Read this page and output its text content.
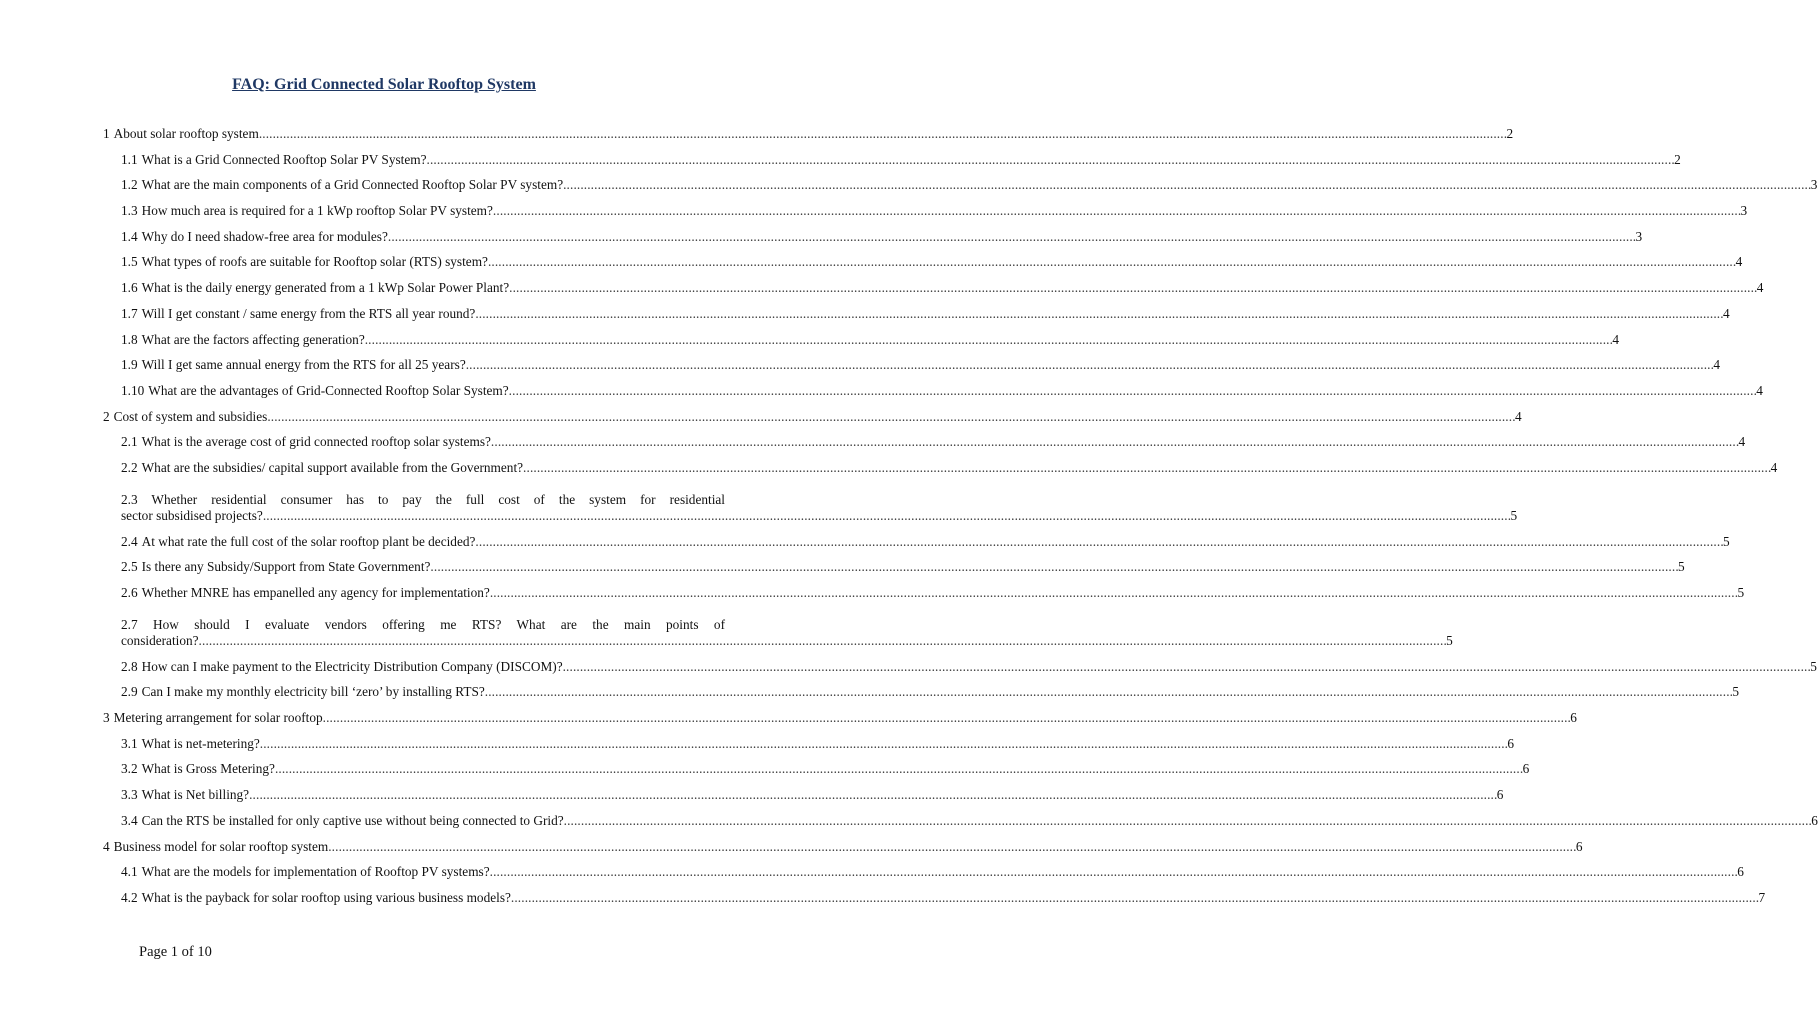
FAQ: Grid Connected Solar Rooftop System
1 About solar rooftop system . . .	2
1.1 What is a Grid Connected Rooftop Solar PV System? . . .	2
1.2 What are the main components of a Grid Connected Rooftop Solar PV system? . . .	3
1.3 How much area is required for a 1 kWp rooftop Solar PV system? . . .	3
1.4 Why do I need shadow-free area for modules? . . .	3
1.5 What types of roofs are suitable for Rooftop solar (RTS) system? . . .	4
1.6 What is the daily energy generated from a 1 kWp Solar Power Plant? . . .	4
1.7 Will I get constant / same energy from the RTS all year round? . . .	4
1.8 What are the factors affecting generation? . . .	4
1.9 Will I get same annual energy from the RTS for all 25 years? . . .	4
1.10 What are the advantages of Grid-Connected Rooftop Solar System? . . .	4
2 Cost of system and subsidies . . .	4
2.1 What is the average cost of grid connected rooftop solar systems? . . .	4
2.2 What are the subsidies/ capital support available from the Government? . . .	4
2.3 Whether residential consumer has to pay the full cost of the system for residential
sector subsidised projects? . . .	5
2.4 At what rate the full cost of the solar rooftop plant be decided? . . .	5
2.5 Is there any Subsidy/Support from State Government? . . .	5
2.6 Whether MNRE has empanelled any agency for implementation? . . .	5
2.7 How should I evaluate vendors offering me RTS? What are the main points of
consideration? . . .	5
2.8 How can I make payment to the Electricity Distribution Company (DISCOM)? . . .	5
2.9 Can I make my monthly electricity bill ‘zero’ by installing RTS? . . .	5
3 Metering arrangement for solar rooftop . . .	6
3.1 What is net-metering? . . .	6
3.2 What is Gross Metering? . . .	6
3.3 What is Net billing? . . .	6
3.4 Can the RTS be installed for only captive use without being connected to Grid? . . .	6
4 Business model for solar rooftop system . . .	6
4.1 What are the models for implementation of Rooftop PV systems? . . .	6
4.2 What is the payback for solar rooftop using various business models? . . .	7

Page 1 of 10
